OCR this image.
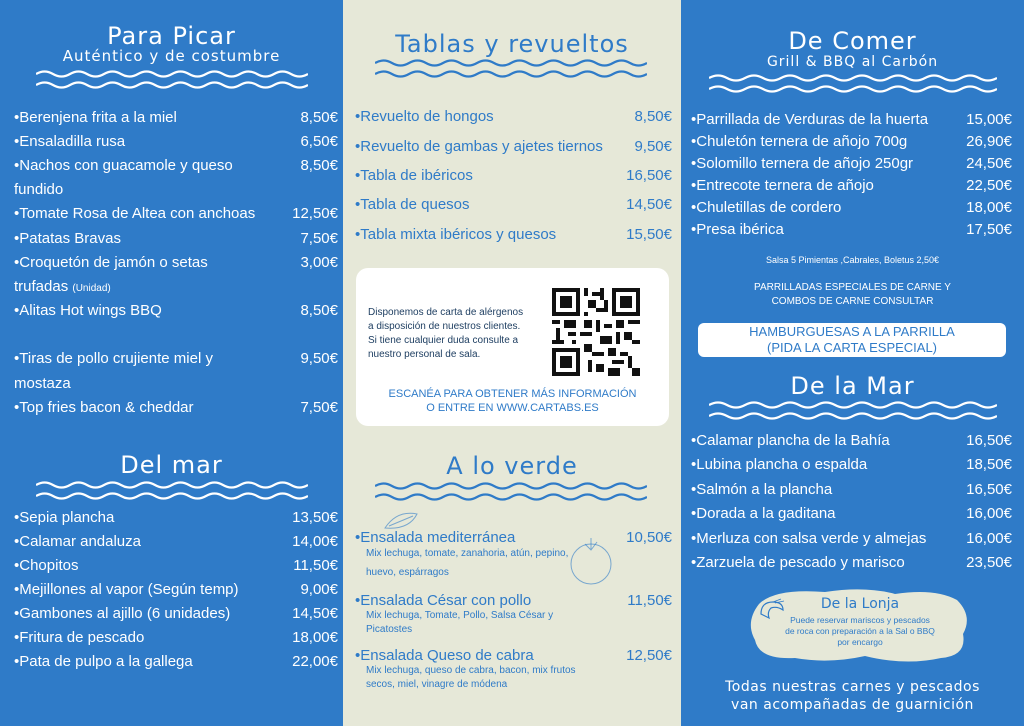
Para Picar
Auténtico y de costumbre
•Berenjena frita a la miel	8,50€
•Ensaladilla rusa	6,50€
•Nachos con guacamole y queso	8,50€
fundido
•Tomate Rosa de Altea con anchoas 12,50€
•Patatas Bravas	7,50€
•Croquetón de jamón o setas	3,00€
trufadas (Unidad)
•Alitas Hot wings BBQ	8,50€
•Tiras de pollo crujiente miel y	9,50€
mostaza
•Top fries bacon & cheddar	7,50€
Del mar
•Sepia plancha	13,50€
•Calamar andaluza	14,00€
•Chopitos	11,50€
•Mejillones al vapor (Según temp)	9,00€
•Gambones al ajillo (6 unidades)	14,50€
•Fritura de pescado	18,00€
•Pata de pulpo a la gallega	22,00€
Tablas y revueltos
•Revuelto de hongos	8,50€
•Revuelto de gambas y ajetes tiernos 9,50€
•Tabla de ibéricos	16,50€
•Tabla de quesos	14,50€
•Tabla mixta ibéricos y quesos	15,50€
A lo verde
•Ensalada mediterránea	10,50€
Mix lechuga, tomate, zanahoria, atún, pepino,
huevo, espárragos
•Ensalada César con pollo	11,50€
Mix lechuga, Tomate, Pollo, Salsa César y
Picatostes
•Ensalada Queso de cabra	12,50€
Mix lechuga, queso de cabra, bacon, mix frutos
secos, miel, vinagre de módena
Disponemos de carta de alérgenos
a disposición de nuestros clientes.
Si tiene cualquier duda consulte a
nuestro personal de sala.
ESCANÉA PARA OBTENER MÁS INFORMACIÓN
O ENTRE EN WWW.CARTABS.ES
De Comer
Grill & BBQ al Carbón
•Parrillada de Verduras de la huerta	15,00€
•Chuletón ternera de añojo 700g	26,90€
•Solomillo ternera de añojo 250gr	24,50€
•Entrecote ternera de añojo	22,50€
•Chuletillas de cordero	18,00€
•Presa ibérica	17,50€
Salsa 5 Pimientas ,Cabrales, Boletus 2,50€
PARRILLADAS ESPECIALES DE CARNE Y
COMBOS DE CARNE CONSULTAR
De la Mar
•Calamar plancha de la Bahía	16,50€
•Lubina plancha o espalda	18,50€
•Salmón a la plancha	16,50€
•Dorada a la gaditana	16,00€
•Merluza con salsa verde y almejas	16,00€
•Zarzuela de pescado y marisco	23,50€
De la Lonja
Puede reservar mariscos y pescados
de roca con preparación a la Sal o BBQ
por encargo
Todas nuestras carnes y pescados
van acompañadas de guarnición
HAMBURGUESAS A LA PARRILLA
(PIDA LA CARTA ESPECIAL)
